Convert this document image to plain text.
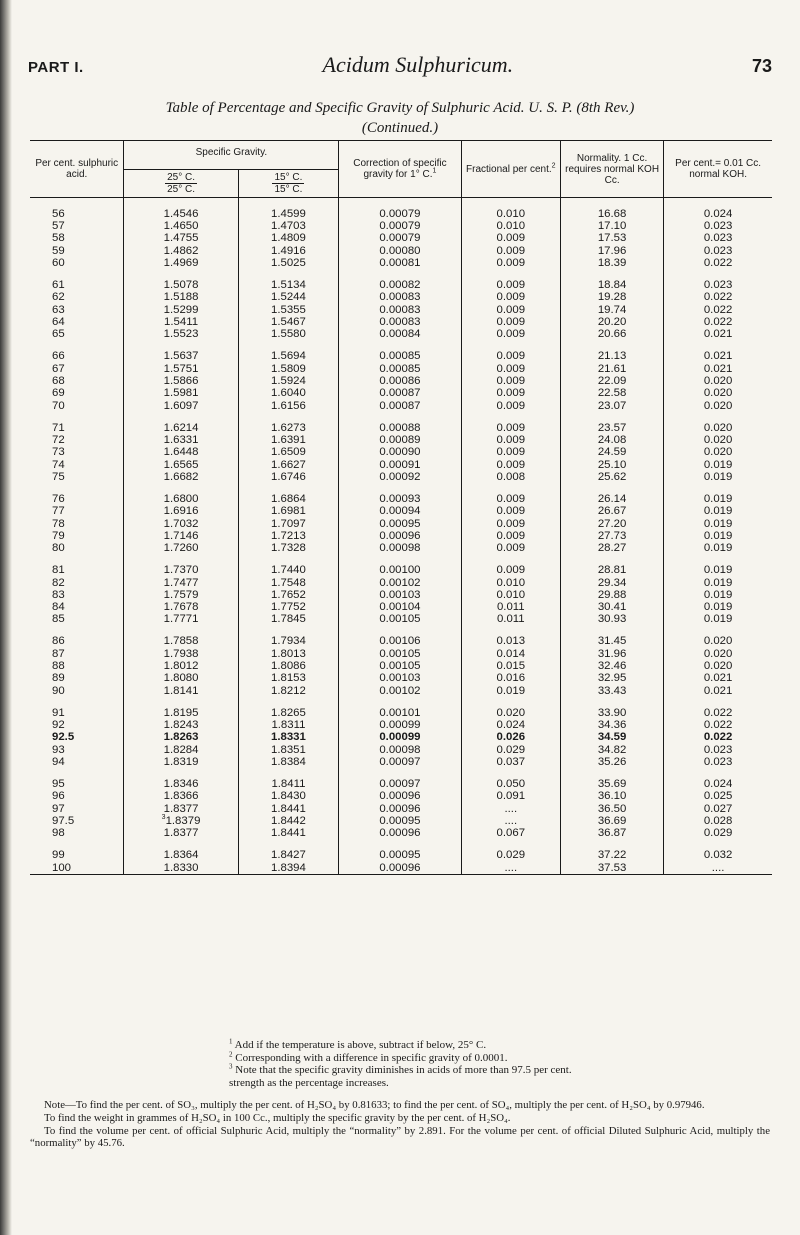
PART I.	Acidum Sulphuricum.	73
Table of Percentage and Specific Gravity of Sulphuric Acid. U. S. P. (8th Rev.)
(Continued.)
Per cent. sulphuric acid.	Specific Gravity.		Correction of specific gravity for 1° C.$^1$	Fractional per cent.$^2$	Normality. 1 Cc. requires normal KOH Cc.	Per cent.= 0.01 Cc. normal KOH.

	$\frac{25^\circ C.}{25^\circ C.}$	$\frac{15^\circ C.}{15^\circ C.}$

56	1.4546	1.4599	0.00079	0.010	16.68	0.024
57	1.4650	1.4703	0.00079	0.010	17.10	0.023
58	1.4755	1.4809	0.00079	0.009	17.53	0.023
59	1.4862	1.4916	0.00080	0.009	17.96	0.023
60	1.4969	1.5025	0.00081	0.009	18.39	0.022

61	1.5078	1.5134	0.00082	0.009	18.84	0.023
62	1.5188	1.5244	0.00083	0.009	19.28	0.022
63	1.5299	1.5355	0.00083	0.009	19.74	0.022
64	1.5411	1.5467	0.00083	0.009	20.20	0.022
65	1.5523	1.5580	0.00084	0.009	20.66	0.021

66	1.5637	1.5694	0.00085	0.009	21.13	0.021
67	1.5751	1.5809	0.00085	0.009	21.61	0.021
68	1.5866	1.5924	0.00086	0.009	22.09	0.020
69	1.5981	1.6040	0.00087	0.009	22.58	0.020
70	1.6097	1.6156	0.00087	0.009	23.07	0.020

71	1.6214	1.6273	0.00088	0.009	23.57	0.020
72	1.6331	1.6391	0.00089	0.009	24.08	0.020
73	1.6448	1.6509	0.00090	0.009	24.59	0.020
74	1.6565	1.6627	0.00091	0.009	25.10	0.019
75	1.6682	1.6746	0.00092	0.008	25.62	0.019

76	1.6800	1.6864	0.00093	0.009	26.14	0.019
77	1.6916	1.6981	0.00094	0.009	26.67	0.019
78	1.7032	1.7097	0.00095	0.009	27.20	0.019
79	1.7146	1.7213	0.00096	0.009	27.73	0.019
80	1.7260	1.7328	0.00098	0.009	28.27	0.019

81	1.7370	1.7440	0.00100	0.009	28.81	0.019
82	1.7477	1.7548	0.00102	0.010	29.34	0.019
83	1.7579	1.7652	0.00103	0.010	29.88	0.019
84	1.7678	1.7752	0.00104	0.011	30.41	0.019
85	1.7771	1.7845	0.00105	0.011	30.93	0.019

86	1.7858	1.7934	0.00106	0.013	31.45	0.020
87	1.7938	1.8013	0.00105	0.014	31.96	0.020
88	1.8012	1.8086	0.00105	0.015	32.46	0.020
89	1.8080	1.8153	0.00103	0.016	32.95	0.021
90	1.8141	1.8212	0.00102	0.019	33.43	0.021

91	1.8195	1.8265	0.00101	0.020	33.90	0.022
92	1.8243	1.8311	0.00099	0.024	34.36	0.022
92.5	1.8263	1.8331	0.00099	0.026	34.59	0.022
93	1.8284	1.8351	0.00098	0.029	34.82	0.023
94	1.8319	1.8384	0.00097	0.037	35.26	0.023

95	1.8346	1.8411	0.00097	0.050	35.69	0.024
96	1.8366	1.8430	0.00096	0.091	36.10	0.025
97	1.8377	1.8441	0.00096	....	36.50	0.027
97.5	$^3$1.8379	1.8442	0.00095	....	36.69	0.028
98	1.8377	1.8441	0.00096	0.067	36.87	0.029

99	1.8364	1.8427	0.00095	0.029	37.22	0.032
100	1.8330	1.8394	0.00096	....	37.53	....
$^1$ Add if the temperature is above, subtract if below, 25° C.
$^2$ Corresponding with a difference in specific gravity of 0.0001.
$^3$ Note that the specific gravity diminishes in acids of more than 97.5 per cent. strength as the percentage increases.

Note—To find the per cent. of SO₃, multiply the per cent. of H₂SO₄ by 0.81633; to find the per cent. of SO₄, multiply the per cent. of H₂SO₄ by 0.97946.

To find the weight in grammes of H₂SO₄ in 100 Cc., multiply the specific gravity by the per cent. of H₂SO₄.

To find the volume per cent. of official Sulphuric Acid, multiply the “normality” by 2.891. For the volume per cent. of official Diluted Sulphuric Acid, multiply the “normality” by 45.76.
